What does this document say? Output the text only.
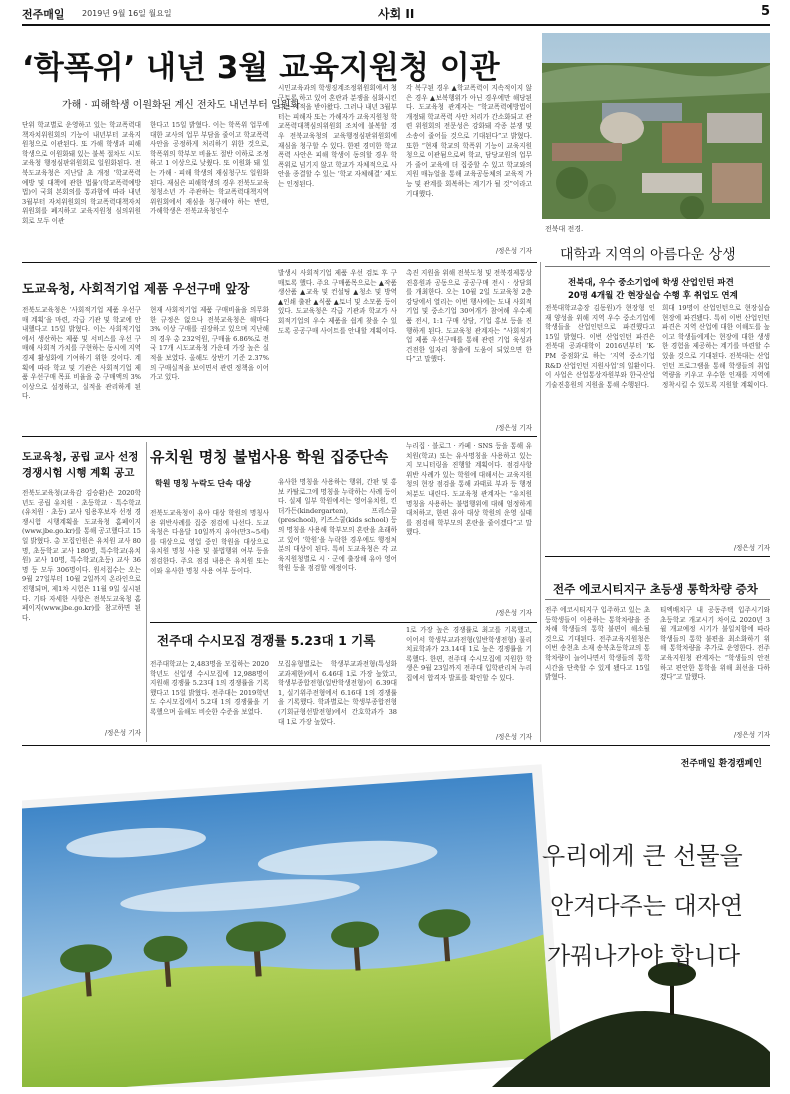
전주매일 2019년 9월 16일 월요일	사회 II	5
‘학폭위’ 내년 3월 교육지원청 이관
가해 · 피해학생 이원화된 계신 전차도 내년부터 일원화
단위 학교별로 운영하고 있는 학교폭력대책자치위원회의 기능이 내년부터 교육지원청으로 이관된다. 또 가해 학생과 피해 학생으로 이원화돼 있는 불복 절차도 시도교육청 행정심판위원회로 일원화된다. 전북도교육청은 지난달 초 개정 ‘학교폭력 예방 및 대책에 관한 법률’(학교폭력예방법)이 국회 본회의를 통과함에 따라 내년 3월부터 자치위원회의 학교폭력대책자치위원회를 폐지하고 교육지원청 심의위원회로 모두 이관
한다고 15일 밝혔다. 이는 학폭위 업무에 대한 교사의 업무 부담을 줄이고 학교폭력 사안을 공정하게 처리하기 위한 것으로, 학폭위의 학부모 비율도 절반 이하로 조정하고 1 이상으로 낮췄다. 또 이원화 돼 있는 가해 · 피해 학생의 재심청구도 일원화된다. 재심은 피해학생의 경우 전북도교육청청소년 가 주관하는 학교폭력대책지역위원회에서 재심을 청구해야 하는 반면, 가해학생은 전북교육청인수
시민교육과의 학생징계조정위원회에서 청구토록 하고 있어 혼란과 분쟁을 심화시킨다는 지적을 받아왔다. 그러나 내년 3월부터는 피해자 또는 가해자가 교육지원청 학교폭력대책심의위원회 조치에 불복할 경우 전북교육청의 교육행정심판위원회에 재심을 청구할 수 있다. 한편 경미한 학교폭력 사안은 피해 학생이 동의할 경우 학폭위로 넘기지 않고 학교가 자체적으로 사안을 종결할 수 있는 ‘학교 자체해결’ 제도는 인정된다.
각 복구된 경우 ▲학교폭력이 지속적이지 않은 경우 ▲보복행위가 아닌 경우에만 해당된다. 도교육청 관계자는 “학교폭력예방법이 개정돼 학교폭력 사안 처리가 간소화되고 관련 위원회의 전문성은 강화돼 각종 분쟁 및 소송이 줄어들 것으로 기대된다”고 밝혔다. 또한 “현재 학교의 학폭위 기능이 교육지원청으로 이관됨으로써 학교, 담당교원의 업무가 줄어 교육에 더 집중할 수 있고 학교와의 지원 매뉴얼을 통해 교육공동체의 교육적 가능 및 관계를 회복하는 계기가 될 것”이라고 기대했다.
/정은성 기자
전북대 전경.
대학과 지역의 아름다운 상생
전북대, 우수 중소기업에 학생 산업인턴 파견
20명 4개월 간 현장실습 수행 후 취업도 연계
전북대학교총장 김동원)가 현장형 인재 양성을 위해 지역 우수 중소기업에 학생들을 산업인턴으로 파견했다고 15일 밝혔다. 이번 산업인턴 파견은 전북대 공과대학이 2016년부터 ‘K-PM 중점화’로 하는 ‘지역 중소기업 R&D 산업인턴 지원사업’의 일환이다. 이 사업은 산업통상자원부와 한국산업기술진흥원의 지원을 통해 수행된다.
희대 19명이 산업인턴으로 현장실습 현장에 파견됐다. 특히 이번 산업인턴 파견은 지역 산업에 대한 이해도를 높이고 학생들에게는 현장에 대한 생생한 경험을 제공하는 계기를 마련할 수 있을 것으로 기대된다. 전북대는 산업인턴 프로그램을 통해 학생들의 취업 역량을 키우고 우수한 인재를 지역에 정착시킬 수 있도록 지원할 계획이다.
/정은성 기자
도교육청, 사회적기업 제품 우선구매 앞장
전북도교육청은 ‘사회적기업 제품 우선구매 계획’을 마련, 각급 기관 및 학교에 안내했다고 15일 밝혔다. 이는 사회적기업에서 생산하는 제품 및 서비스를 우선 구매해 사회적 가치를 구현하는 동시에 지역경제 활성화에 기여하기 위한 것이다. 계획에 따라 학교 및 기관은 사회적기업 제품 우선구매 목표 비율을 총 구매액의 3% 이상으로 설정하고, 실적을 관리하게 된다.
현재 사회적기업 제품 구매비율을 의무화한 규정은 없으나 전북교육청은 해마다 3% 이상 구매를 권장하고 있으며 지난해의 경우 총 232억원, 구매율 6.86%로 전국 17개 시도교육청 가운데 가장 높은 실적을 보였다. 올해도 상반기 기준 2.37%의 구매실적을 보이면서 관련 정책을 이어가고 있다.
발생시 사회적기업 제품 우선 검토 후 구매토록 했다. 주요 구매품목으로는 ▲작품 생산품 ▲교육 및 컨설팅 ▲청소 및 방역 ▲인쇄 출판 ▲식품 ▲토너 및 소모품 등이 있다. 도교육청은 각급 기관과 학교가 사회적기업의 우수 제품을 쉽게 찾을 수 있도록 공공구매 사이트를 안내할 계획이다.
촉진 지원을 위해 전북도청 및 전북경제통상진흥원과 공동으로 공공구매 전시 · 상담회를 개최한다. 오는 10월 2일 도교육청 2층 강당에서 열리는 이번 행사에는 도내 사회적기업 및 중소기업 30여개가 참여해 우수제품 전시, 1:1 구매 상담, 기업 홍보 등을 진행하게 된다. 도교육청 관계자는 “사회적기업 제품 우선구매를 통해 관련 기업 육성과 건전한 일자리 창출에 도움이 되었으면 한다”고 말했다.
/정은성 기자
도교육청, 공립 교사 선정
경쟁시험 시행 계획 공고
전북도교육청(교육감 김승환)은 2020학년도 공립 유치원 · 초등학교 · 특수학교(유치원 · 초등) 교사 임용후보자 선정 경쟁시험 시행계획을 도교육청 홈페이지(www.jbe.go.kr)를 통해 공고했다고 15일 밝혔다. 총 모집인원은 유치원 교사 80명, 초등학교 교사 180명, 특수학교(유치원) 교사 10명, 특수학교(초등) 교사 36명 등 모두 306명이다. 원서접수는 오는 9월 27일부터 10월 2일까지 온라인으로 진행되며, 제1차 시험은 11월 9일 실시된다. 기타 자세한 사항은 전북도교육청 홈페이지(www.jbe.go.kr)를 참고하면 된다.
/정은성 기자
유치원 명칭 불법사용 학원 집중단속
학원 명칭 누락도 단속 대상
전북도교육청이 유아 대상 학원의 명칭사용 위반사례를 집중 점검에 나선다. 도교육청은 다음달 10일까지 유아(만3~5세)를 대상으로 영업 중인 학원을 대상으로 유치원 명칭 사용 및 불법행위 여부 등을 점검한다. 주요 점검 내용은 유치원 또는 이와 유사한 명칭 사용 여부 등이다.
유사한 명칭을 사용하는 행위, 간판 및 홍보 카탈로그에 명칭을 누락하는 사례 등이다. 실제 일부 학원에서는 영어유치원, 킨더가든(kindergarten), 프리스쿨(preschool), 키즈스쿨(kids school) 등의 명칭을 사용해 학부모의 혼란을 초래하고 있어 ‘학원’을 누락한 경우에도 행정처분의 대상이 된다. 특히 도교육청은 각 교육지원청별로 시 · 군에 출장해 유아 영어학원 등을 점검할 예정이다.
누리집 · 블로그 · 카페 · SNS 등을 통해 유치원(학교) 또는 유사명칭을 사용하고 있는지 모니터링을 진행할 계획이다. 점검사항 위반 사례가 있는 학원에 대해서는 교육지원청의 현장 점검을 통해 과태료 부과 등 행정처분도 내린다. 도교육청 관계자는 “유치원 명칭을 사용하는 불법행위에 대해 엄정하게 대처하고, 한편 유아 대상 학원의 운영 실태를 점검해 학부모의 혼란을 줄이겠다”고 말했다.
/정은성 기자
전주대 수시모집 경쟁률 5.23대 1 기록
전주대학교는 2,483명을 모집하는 2020학년도 신입생 수시모집에 12,988명이 지원해 경쟁률 5.23대 1의 경쟁률을 기록했다고 15일 밝혔다. 전주대는 2019학년도 수시모집에서 5.2대 1의 경쟁률을 기록했으며 올해도 비슷한 수준을 보였다.
모집유형별로는 학생부교과전형(특성화교과제한)에서 6.46대 1로 가장 높았고, 학생부종합전형(일반학생전형)이 6.39대 1, 실기위주전형에서 6.16대 1의 경쟁률을 기록했다. 학과별로는 학생부종합전형(기회균형선발전형)에서 간호학과가 38대 1로 가장 높았다.
1로 가장 높은 경쟁률로 최고를 기록했고, 이어서 학생부교과전형(일반학생전형) 물리치료학과가 23.14대 1로 높은 경쟁률을 기록했다. 한편, 전주대 수시모집에 지원한 학생은 9월 23일까지 전주대 입학관리처 누리집에서 합격자 발표를 확인할 수 있다.
/정은성 기자
전주 에코시티지구 초등생 통학차량 증차
전주 에코시티지구 입주하고 있는 초등학생들이 이용하는 통학차량을 증차해 학생들의 통학 불편이 해소될 것으로 기대된다. 전주교육지원청은 이번 송천초 소재 송북초등학교의 통학차량이 늘어나면서 학생들의 통학시간을 단축할 수 있게 됐다고 15일 밝혔다.
티엑배치구 내 공동주택 입주시기와 초등학교 개교시기 차이로 2020년 3월 개교예정 시기가 불일치함에 따라 학생들의 통학 불편을 최소화하기 위해 통학차량을 추가로 운영한다. 전주교육지원청 관계자는 “학생들의 안전하고 편안한 통학을 위해 최선을 다하겠다”고 말했다.
/정은성 기자
전주매일 환경캠페인
우리에게 큰 선물을
안겨다주는 대자연
가꿔나가야 합니다
